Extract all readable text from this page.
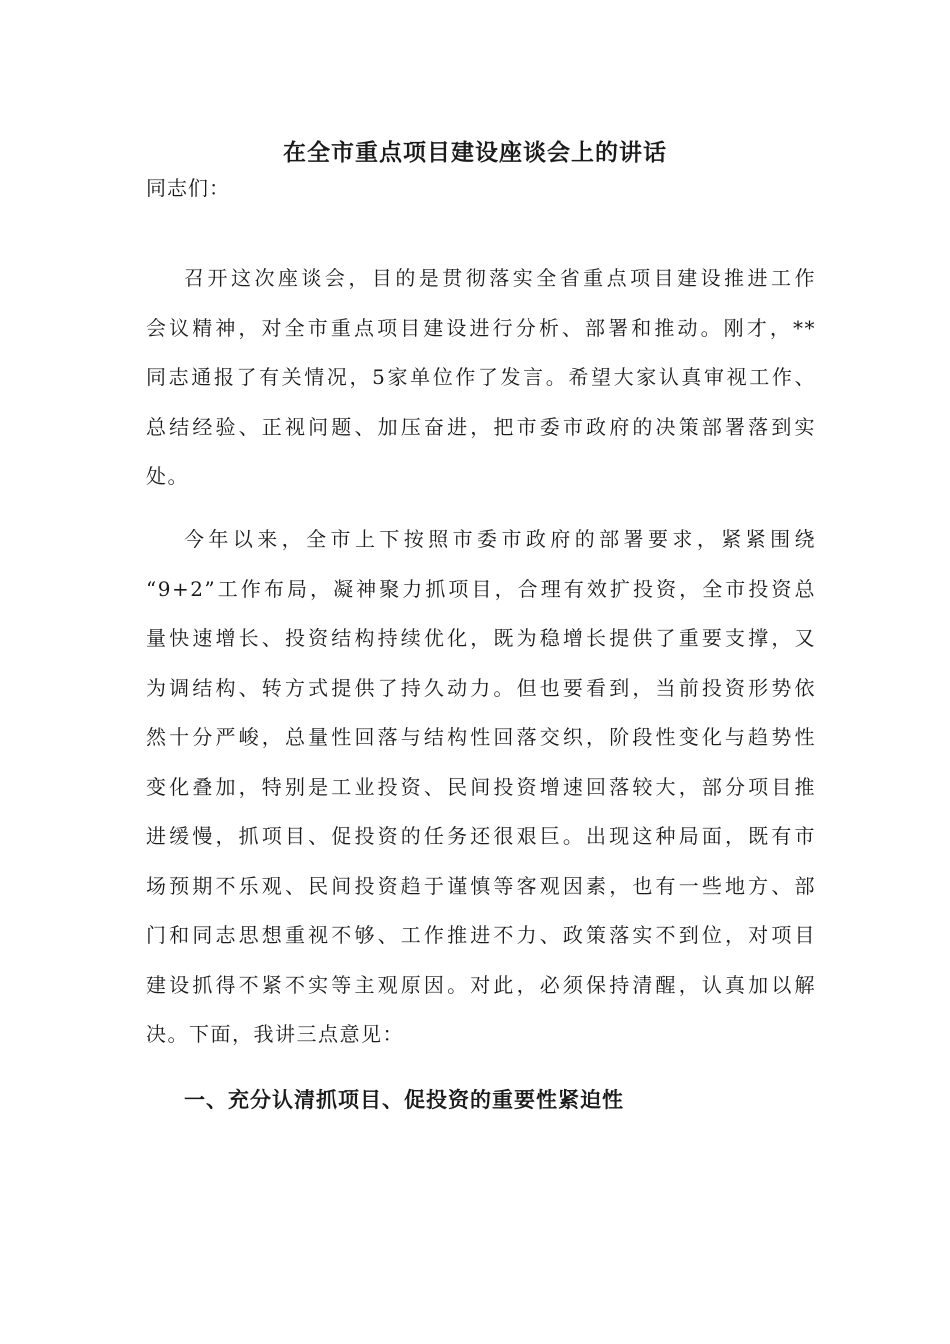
在全市重点项目建设座谈会上的讲话
同志们：
召开这次座谈会，目的是贯彻落实全省重点项目建设推进工作
会议精神，对全市重点项目建设进行分析、部署和推动。刚才，**
同志通报了有关情况，5家单位作了发言。希望大家认真审视工作、
总结经验、正视问题、加压奋进，把市委市政府的决策部署落到实
处。
今年以来，全市上下按照市委市政府的部署要求，紧紧围绕
“9+2”工作布局，凝神聚力抓项目，合理有效扩投资，全市投资总
量快速增长、投资结构持续优化，既为稳增长提供了重要支撑，又
为调结构、转方式提供了持久动力。但也要看到，当前投资形势依
然十分严峻，总量性回落与结构性回落交织，阶段性变化与趋势性
变化叠加，特别是工业投资、民间投资增速回落较大，部分项目推
进缓慢，抓项目、促投资的任务还很艰巨。出现这种局面，既有市
场预期不乐观、民间投资趋于谨慎等客观因素，也有一些地方、部
门和同志思想重视不够、工作推进不力、政策落实不到位，对项目
建设抓得不紧不实等主观原因。对此，必须保持清醒，认真加以解
决。下面，我讲三点意见：
一、充分认清抓项目、促投资的重要性紧迫性
